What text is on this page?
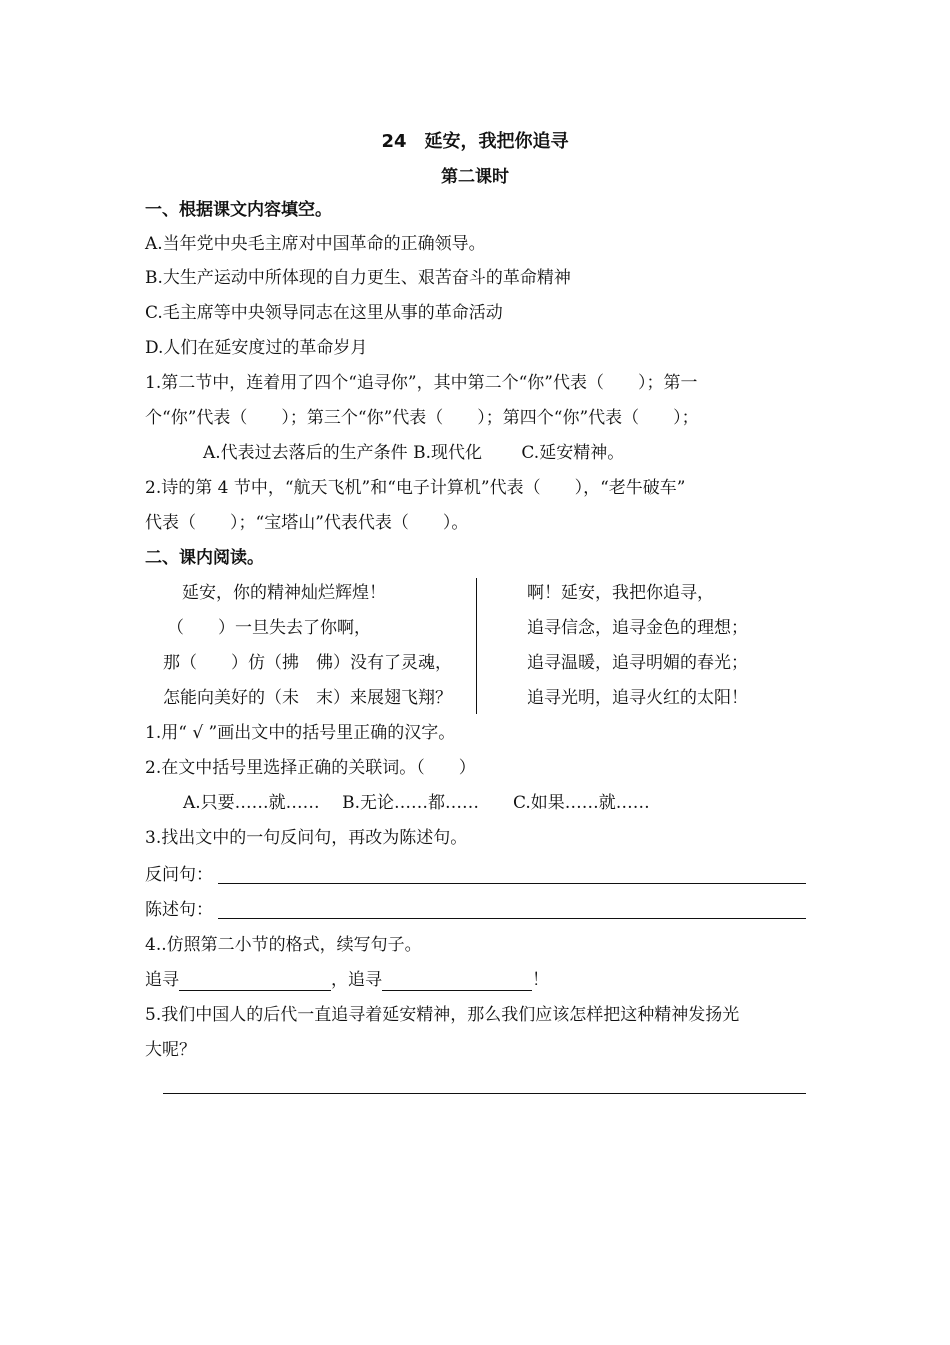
24　延安，我把你追寻
第二课时
一、根据课文内容填空。
A.当年党中央毛主席对中国革命的正确领导。
B.大生产运动中所体现的自力更生、艰苦奋斗的革命精神
C.毛主席等中央领导同志在这里从事的革命活动
D.人们在延安度过的革命岁月
1.第二节中，连着用了四个“追寻你”，其中第二个“你”代表（　　）；第一
个“你”代表（　　）；第三个“你”代表（　　）；第四个“你”代表（　　）；
A.代表过去落后的生产条件 B.现代化　　 C.延安精神。
2.诗的第 4 节中，“航天飞机”和“电子计算机”代表（　　），“老牛破车”
代表（　　）；“宝塔山”代表代表（　　）。
二、课内阅读。
延安，你的精神灿烂辉煌！
（　　）一旦失去了你啊，
那（　　）仿（拂　佛）没有了灵魂，
怎能向美好的（未　末）来展翅飞翔？
啊！延安，我把你追寻，
追寻信念，追寻金色的理想；
追寻温暖，追寻明媚的春光；
追寻光明，追寻火红的太阳！
1.用“ √ ”画出文中的括号里正确的汉字。
2.在文中括号里选择正确的关联词。（　　）
A.只要……就……　 B.无论……都……　　C.如果……就……
3.找出文中的一句反问句，再改为陈述句。
反问句：
陈述句：
4..仿照第二小节的格式，续写句子。
追寻	，追寻	！
5.我们中国人的后代一直追寻着延安精神，那么我们应该怎样把这种精神发扬光
大呢？
